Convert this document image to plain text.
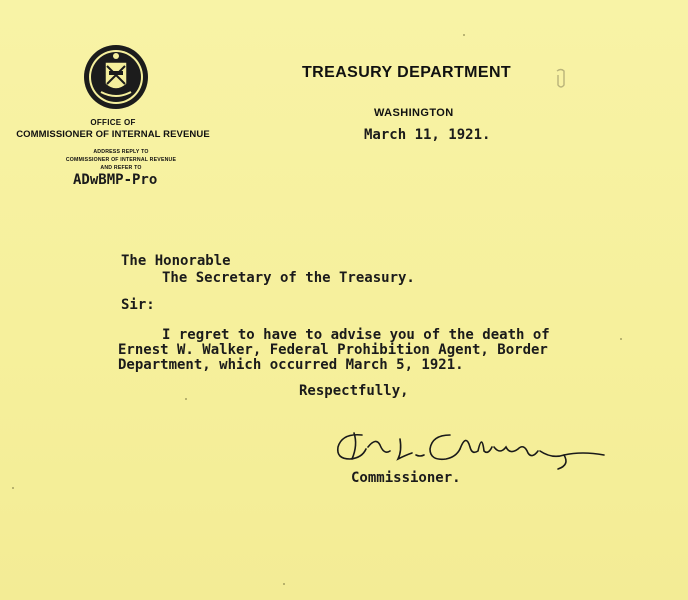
OFFICE OF
COMMISSIONER OF INTERNAL REVENUE
ADDRESS REPLY TO
COMMISSIONER OF INTERNAL REVENUE
AND REFER TO
ADwBMP-Pro
TREASURY DEPARTMENT
WASHINGTON
March 11, 1921.
The Honorable
The Secretary of the Treasury.
Sir:
I regret to have to advise you of the death of
Ernest W. Walker, Federal Prohibition Agent, Border
Department, which occurred March 5, 1921.
Respectfully,
Commissioner.
